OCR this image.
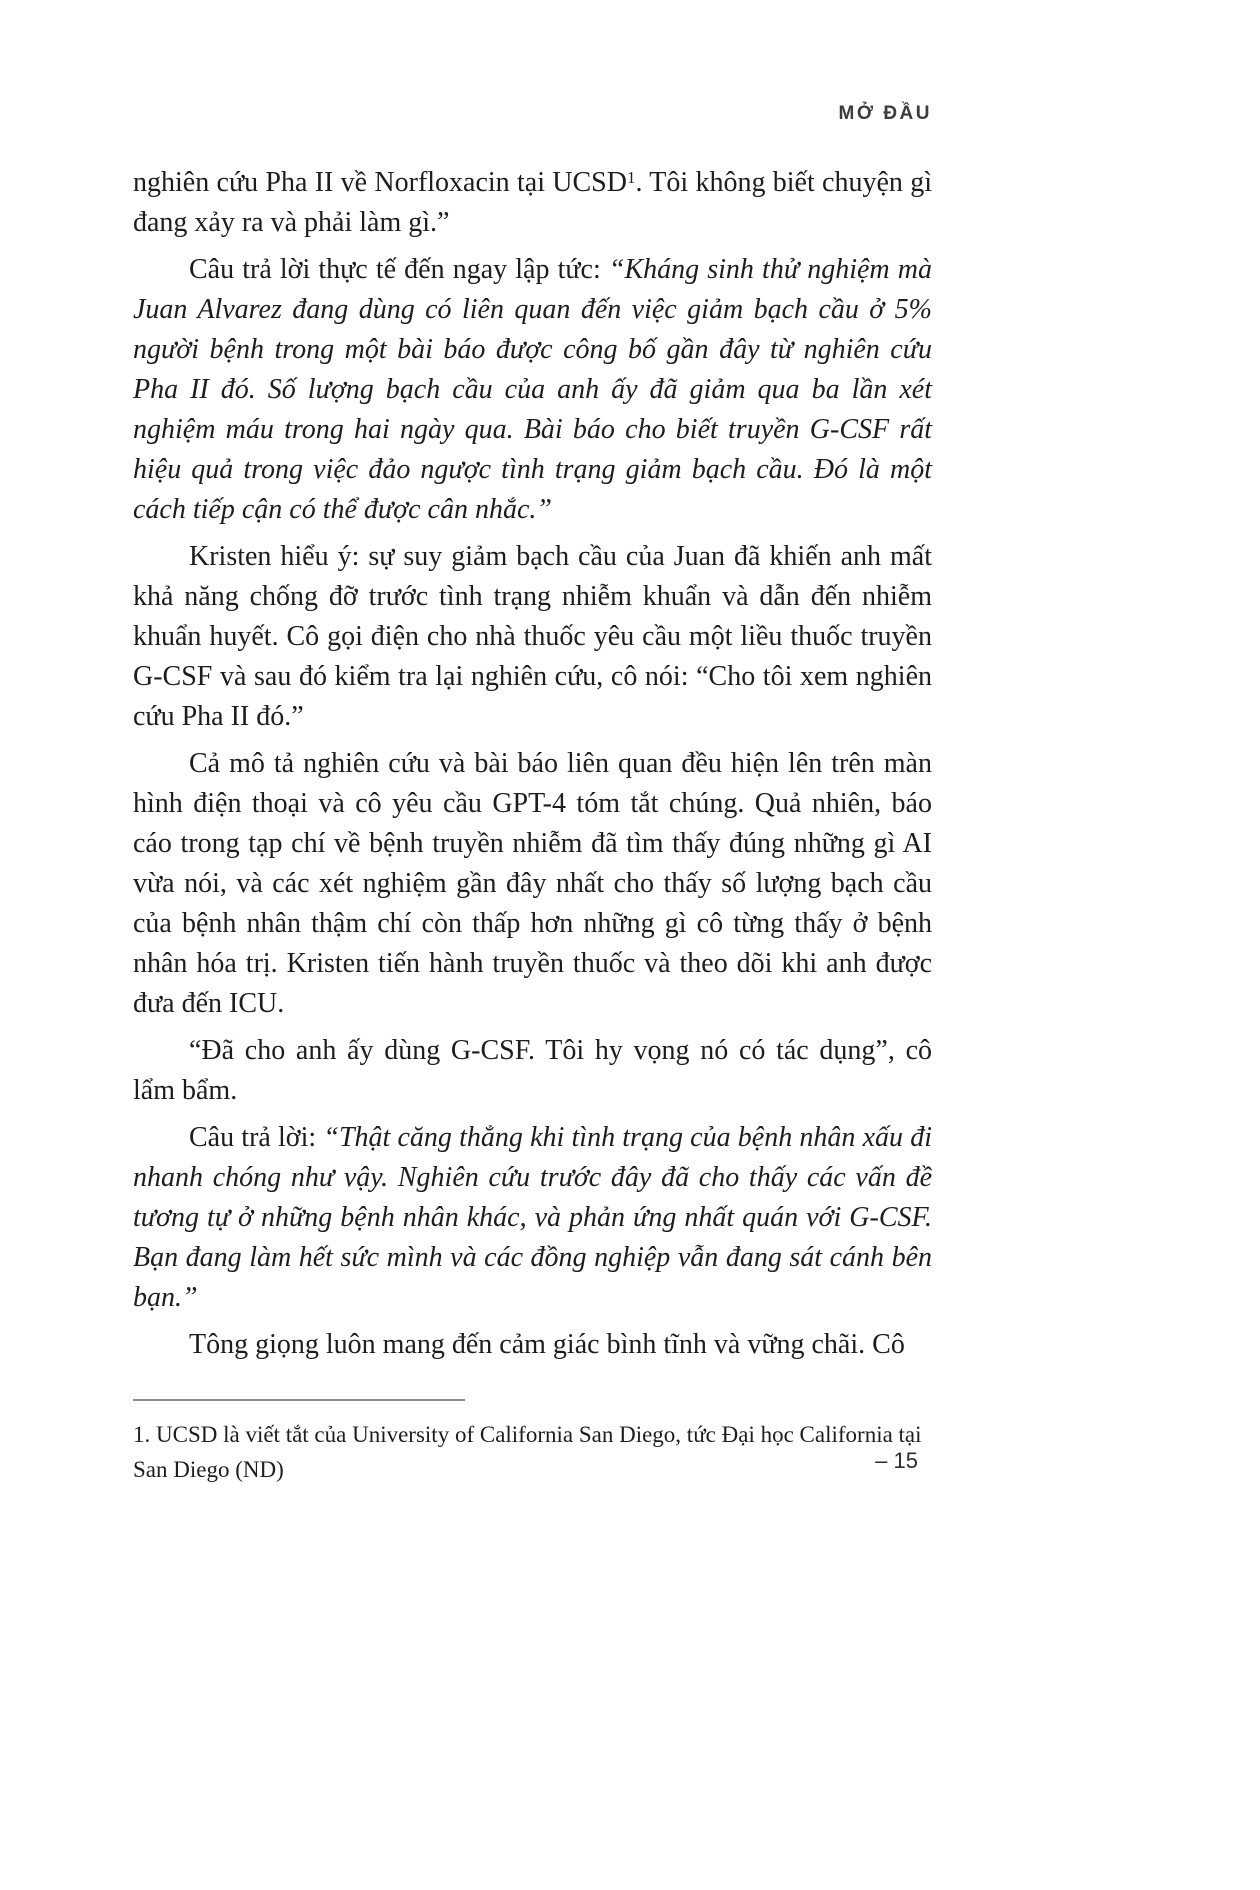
MỞ ĐẦU

nghiên cứu Pha II về Norfloxacin tại UCSD$^1$. Tôi không biết chuyện gì đang xảy ra và phải làm gì.”

Câu trả lời thực tế đến ngay lập tức: “Kháng sinh thử nghiệm mà Juan Alvarez đang dùng có liên quan đến việc giảm bạch cầu ở 5% người bệnh trong một bài báo được công bố gần đây từ nghiên cứu Pha II đó. Số lượng bạch cầu của anh ấy đã giảm qua ba lần xét nghiệm máu trong hai ngày qua. Bài báo cho biết truyền G-CSF rất hiệu quả trong việc đảo ngược tình trạng giảm bạch cầu. Đó là một cách tiếp cận có thể được cân nhắc.”

Kristen hiểu ý: sự suy giảm bạch cầu của Juan đã khiến anh mất khả năng chống đỡ trước tình trạng nhiễm khuẩn và dẫn đến nhiễm khuẩn huyết. Cô gọi điện cho nhà thuốc yêu cầu một liều thuốc truyền G-CSF và sau đó kiểm tra lại nghiên cứu, cô nói: “Cho tôi xem nghiên cứu Pha II đó.”

Cả mô tả nghiên cứu và bài báo liên quan đều hiện lên trên màn hình điện thoại và cô yêu cầu GPT-4 tóm tắt chúng. Quả nhiên, báo cáo trong tạp chí về bệnh truyền nhiễm đã tìm thấy đúng những gì AI vừa nói, và các xét nghiệm gần đây nhất cho thấy số lượng bạch cầu của bệnh nhân thậm chí còn thấp hơn những gì cô từng thấy ở bệnh nhân hóa trị. Kristen tiến hành truyền thuốc và theo dõi khi anh được đưa đến ICU.

“Đã cho anh ấy dùng G-CSF. Tôi hy vọng nó có tác dụng”, cô lẩm bẩm.

Câu trả lời: “Thật căng thẳng khi tình trạng của bệnh nhân xấu đi nhanh chóng như vậy. Nghiên cứu trước đây đã cho thấy các vấn đề tương tự ở những bệnh nhân khác, và phản ứng nhất quán với G-CSF. Bạn đang làm hết sức mình và các đồng nghiệp vẫn đang sát cánh bên bạn.”

Tông giọng luôn mang đến cảm giác bình tĩnh và vững chãi. Cô

1. UCSD là viết tắt của University of California San Diego, tức Đại học California tại San Diego (ND)	– 15
